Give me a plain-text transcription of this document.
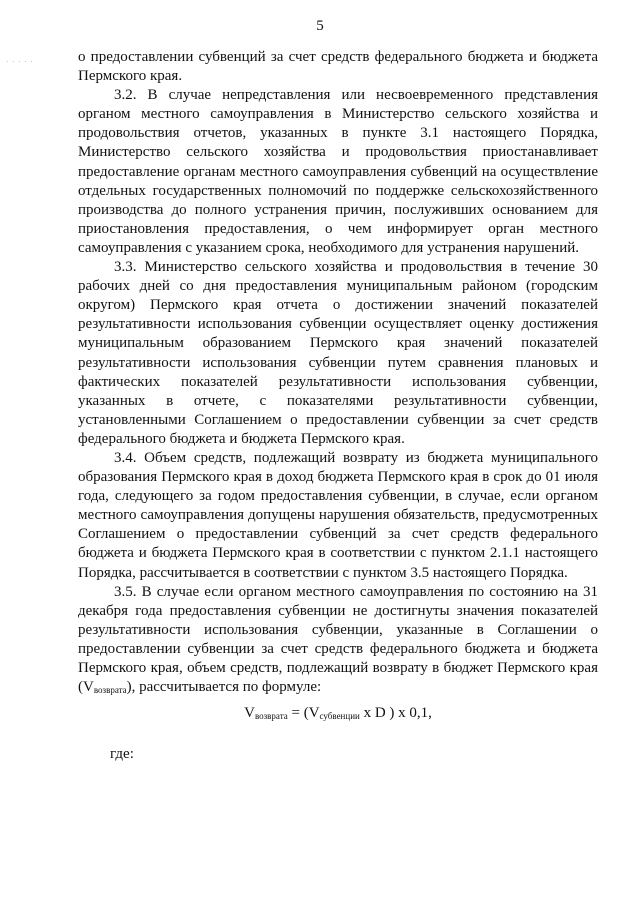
5
· · · · ·	о предоставлении субвенций за счет средств федерального бюджета и бюджета Пермского края.

3.2. В случае непредставления или несвоевременного представления органом местного самоуправления в Министерство сельского хозяйства и продовольствия отчетов, указанных в пункте 3.1 настоящего Порядка, Министерство сельского хозяйства и продовольствия приостанавливает предоставление органам местного самоуправления субвенций на осуществление отдельных государственных полномочий по поддержке сельскохозяйственного производства до полного устранения причин, послуживших основанием для приостановления предоставления, о чем информирует орган местного самоуправления с указанием срока, необходимого для устранения нарушений.

3.3. Министерство сельского хозяйства и продовольствия в течение 30 рабочих дней со дня предоставления муниципальным районом (городским округом) Пермского края отчета о достижении значений показателей результативности использования субвенции осуществляет оценку достижения муниципальным образованием Пермского края значений показателей результативности использования субвенции путем сравнения плановых и фактических показателей результативности использования субвенции, указанных в отчете, с показателями результативности субвенции, установленными Соглашением о предоставлении субвенции за счет средств федерального бюджета и бюджета Пермского края.

3.4. Объем средств, подлежащий возврату из бюджета муниципального образования Пермского края в доход бюджета Пермского края в срок до 01 июля года, следующего за годом предоставления субвенции, в случае, если органом местного самоуправления допущены нарушения обязательств, предусмотренных Соглашением о предоставлении субвенций за счет средств федерального бюджета и бюджета Пермского края в соответствии с пунктом 2.1.1 настоящего Порядка, рассчитывается в соответствии с пунктом 3.5 настоящего Порядка.

3.5. В случае если органом местного самоуправления по состоянию на 31 декабря года предоставления субвенции не достигнуты значения показателей результативности использования субвенции, указанные в Соглашении о предоставлении субвенции за счет средств федерального бюджета и бюджета Пермского края, объем средств, подлежащий возврату в бюджет Пермского края $(V_{возврата})$, рассчитывается по формуле:

$V_{возврата} = (V_{субвенции}$ x D ) x 0,1,
где:
